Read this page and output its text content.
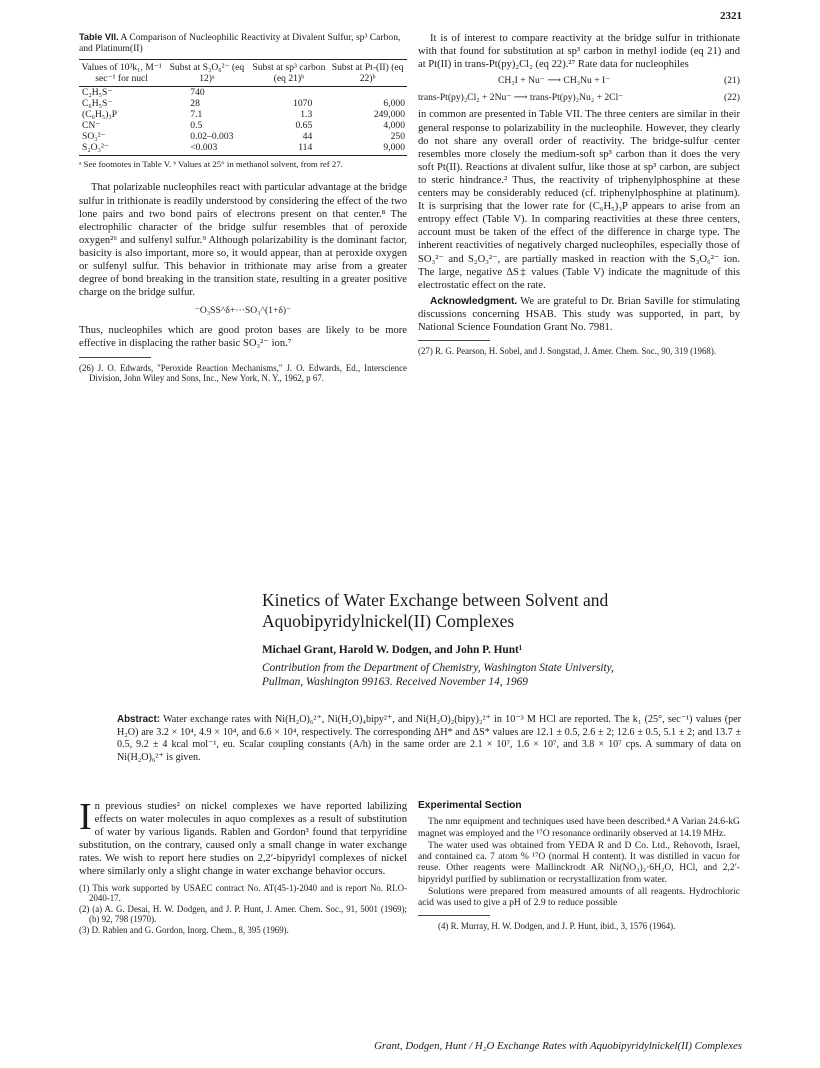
2321
Table VII. A Comparison of Nucleophilic Reactivity at Divalent Sulfur, sp³ Carbon, and Platinum(II)
Values of 10³k₁, M⁻¹ sec⁻¹ for nucl	Subst at S₃O₆²⁻ (eq 12)ᵃ	Subst at sp³ carbon (eq 21)ᵇ	Subst at Pt-(II) (eq 22)ᵇ
C₂H₅S⁻	740		
C₆H₅S⁻	28	1070	6,000
(C₆H₅)₃P	7.1	1.3	249,000
CN⁻	0.5	0.65	4,000
SO₃²⁻	0.02–0.003	44	250
S₂O₃²⁻	<0.003	114	9,000
ᵃ See footnotes in Table V. ᵇ Values at 25° in methanol solvent, from ref 27.

That polarizable nucleophiles react with particular advantage at the bridge sulfur in trithionate is readily understood by considering the effect of the two lone pairs and two bond pairs of electrons present on that center.⁸ The electrophilic character of the bridge sulfur resembles that of peroxide oxygen²⁶ and sulfenyl sulfur.⁹ Although polarizability is the dominant factor, basicity is also important, more so, it would appear, than at peroxide oxygen or sulfenyl sulfur. This behavior in trithionate may arise from a greater degree of bond breaking in the transition state, resulting in a greater positive charge on the bridge sulfur.

⁻O₃SS^δ+···SO₃^(1+δ)⁻

Thus, nucleophiles which are good proton bases are likely to be more effective in displacing the rather basic SO₃²⁻ ion.⁷

(26) J. O. Edwards, "Peroxide Reaction Mechanisms," J. O. Edwards, Ed., Interscience Division, John Wiley and Sons, Inc., New York, N. Y., 1962, p 67.

It is of interest to compare reactivity at the bridge sulfur in trithionate with that found for substitution at sp³ carbon in methyl iodide (eq 21) and at Pt(II) in trans-Pt(py)₂Cl₂ (eq 22).²⁷ Rate data for nucleophiles

CH₃I + Nu⁻ ⟶ CH₃Nu + I⁻	(21)
trans-Pt(py)₂Cl₂ + 2Nu⁻ ⟶ trans-Pt(py)₂Nu₂ + 2Cl⁻	(22)

in common are presented in Table VII. The three centers are similar in their general response to polarizability in the nucleophile. However, they clearly do not share any overall order of reactivity. The bridge-sulfur center resembles more closely the medium-soft sp³ carbon than it does the very soft Pt(II). Reactions at divalent sulfur, like those at sp³ carbon, are subject to steric hindrance.² Thus, the reactivity of triphenylphosphine at these centers may be considerably reduced (cf. triphenylphosphine at platinum). It is surprising that the lower rate for (C₆H₅)₃P appears to arise from an entropy effect (Table V). In comparing reactivities at these three centers, account must be taken of the effect of the difference in charge type. The inherent reactivities of negatively charged nucleophiles, especially those of SO₃²⁻ and S₂O₃²⁻, are partially masked in reaction with the S₃O₆²⁻ ion. The large, negative ΔS‡ values (Table V) indicate the magnitude of this electrostatic effect on the rate.

Acknowledgment. We are grateful to Dr. Brian Saville for stimulating discussions concerning HSAB. This study was supported, in part, by National Science Foundation Grant No. 7981.

(27) R. G. Pearson, H. Sobel, and J. Songstad, J. Amer. Chem. Soc., 90, 319 (1968).

Kinetics of Water Exchange between Solvent and
Aquobipyridylnickel(II) Complexes
Michael Grant, Harold W. Dodgen, and John P. Hunt¹
Contribution from the Department of Chemistry, Washington State University,
Pullman, Washington 99163. Received November 14, 1969
Abstract: Water exchange rates with Ni(H₂O)₆²⁺, Ni(H₂O)₄bipy²⁺, and Ni(H₂O)₂(bipy)₂²⁺ in 10⁻³ M HCl are reported. The k₁ (25°, sec⁻¹) values (per H₂O) are 3.2 × 10⁴, 4.9 × 10⁴, and 6.6 × 10⁴, respectively. The corresponding ΔH* and ΔS* values are 12.1 ± 0.5, 2.6 ± 2; 12.6 ± 0.5, 5.1 ± 2; and 13.7 ± 0.5, 9.2 ± 4 kcal mol⁻¹, eu. Scalar coupling constants (A/h) in the same order are 2.1 × 10⁷, 1.6 × 10⁷, and 3.8 × 10⁷ cps. A summary of data on Ni(H₂O)₆²⁺ is given.

In previous studies² on nickel complexes we have reported labilizing effects on water molecules in aquo complexes as a result of substitution of water by various ligands. Rablen and Gordon³ found that terpyridine substitution, on the contrary, caused only a small change in water exchange rates. We wish to report here studies on 2,2′-bipyridyl complexes of nickel where similarly only a slight change in water exchange behavior occurs.

(1) This work supported by USAEC contract No. AT(45-1)-2040 and is report No. RLO-2040-17.

(2) (a) A. G. Desai, H. W. Dodgen, and J. P. Hunt, J. Amer. Chem. Soc., 91, 5001 (1969); (b) 92, 798 (1970).

(3) D. Rablen and G. Gordon, Inorg. Chem., 8, 395 (1969).

Experimental Section

The nmr equipment and techniques used have been described.⁴ A Varian 24.6-kG magnet was employed and the ¹⁷O resonance ordinarily observed at 14.19 MHz.

The water used was obtained from YEDA R and D Co. Ltd., Rehovoth, Israel, and contained ca. 7 atom % ¹⁷O (normal H content). It was distilled in vacuo for reuse. Other reagents were Mallinckrodt AR Ni(NO₃)₂·6H₂O, HCl, and 2,2′-bipyridyl purified by sublimation or recrystallization from water.

Solutions were prepared from measured amounts of all reagents. Hydrochloric acid was used to give a pH of 2.9 to reduce possible

(4) R. Murray, H. W. Dodgen, and J. P. Hunt, ibid., 3, 1576 (1964).

Grant, Dodgen, Hunt / H₂O Exchange Rates with Aquobipyridylnickel(II) Complexes
